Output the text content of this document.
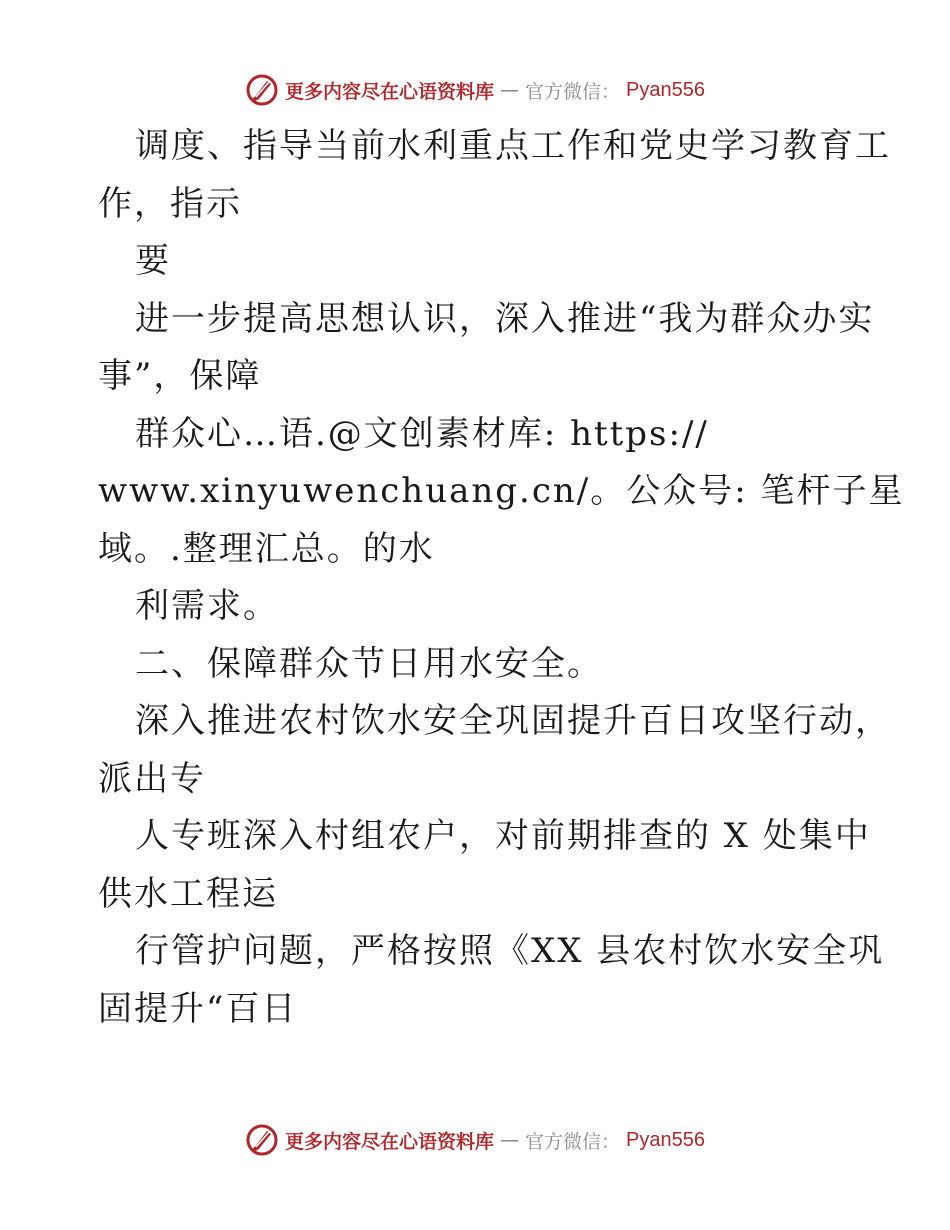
更多内容尽在心语资料库 — 官方微信： Pyan556
调度、指导当前水利重点工作和党史学习教育工
作，指示
要
进一步提高思想认识，深入推进“我为群众办实
事”，保障
群众心…语.@文创素材库: https://
www.xinyuwenchuang.cn/。公众号: 笔杆子星
域。.整理汇总。的水
利需求。
二、保障群众节日用水安全。
深入推进农村饮水安全巩固提升百日攻坚行动，
派出专
人专班深入村组农户，对前期排查的 X 处集中
供水工程运
行管护问题，严格按照《XX 县农村饮水安全巩
固提升“百日
更多内容尽在心语资料库 — 官方微信： Pyan556
